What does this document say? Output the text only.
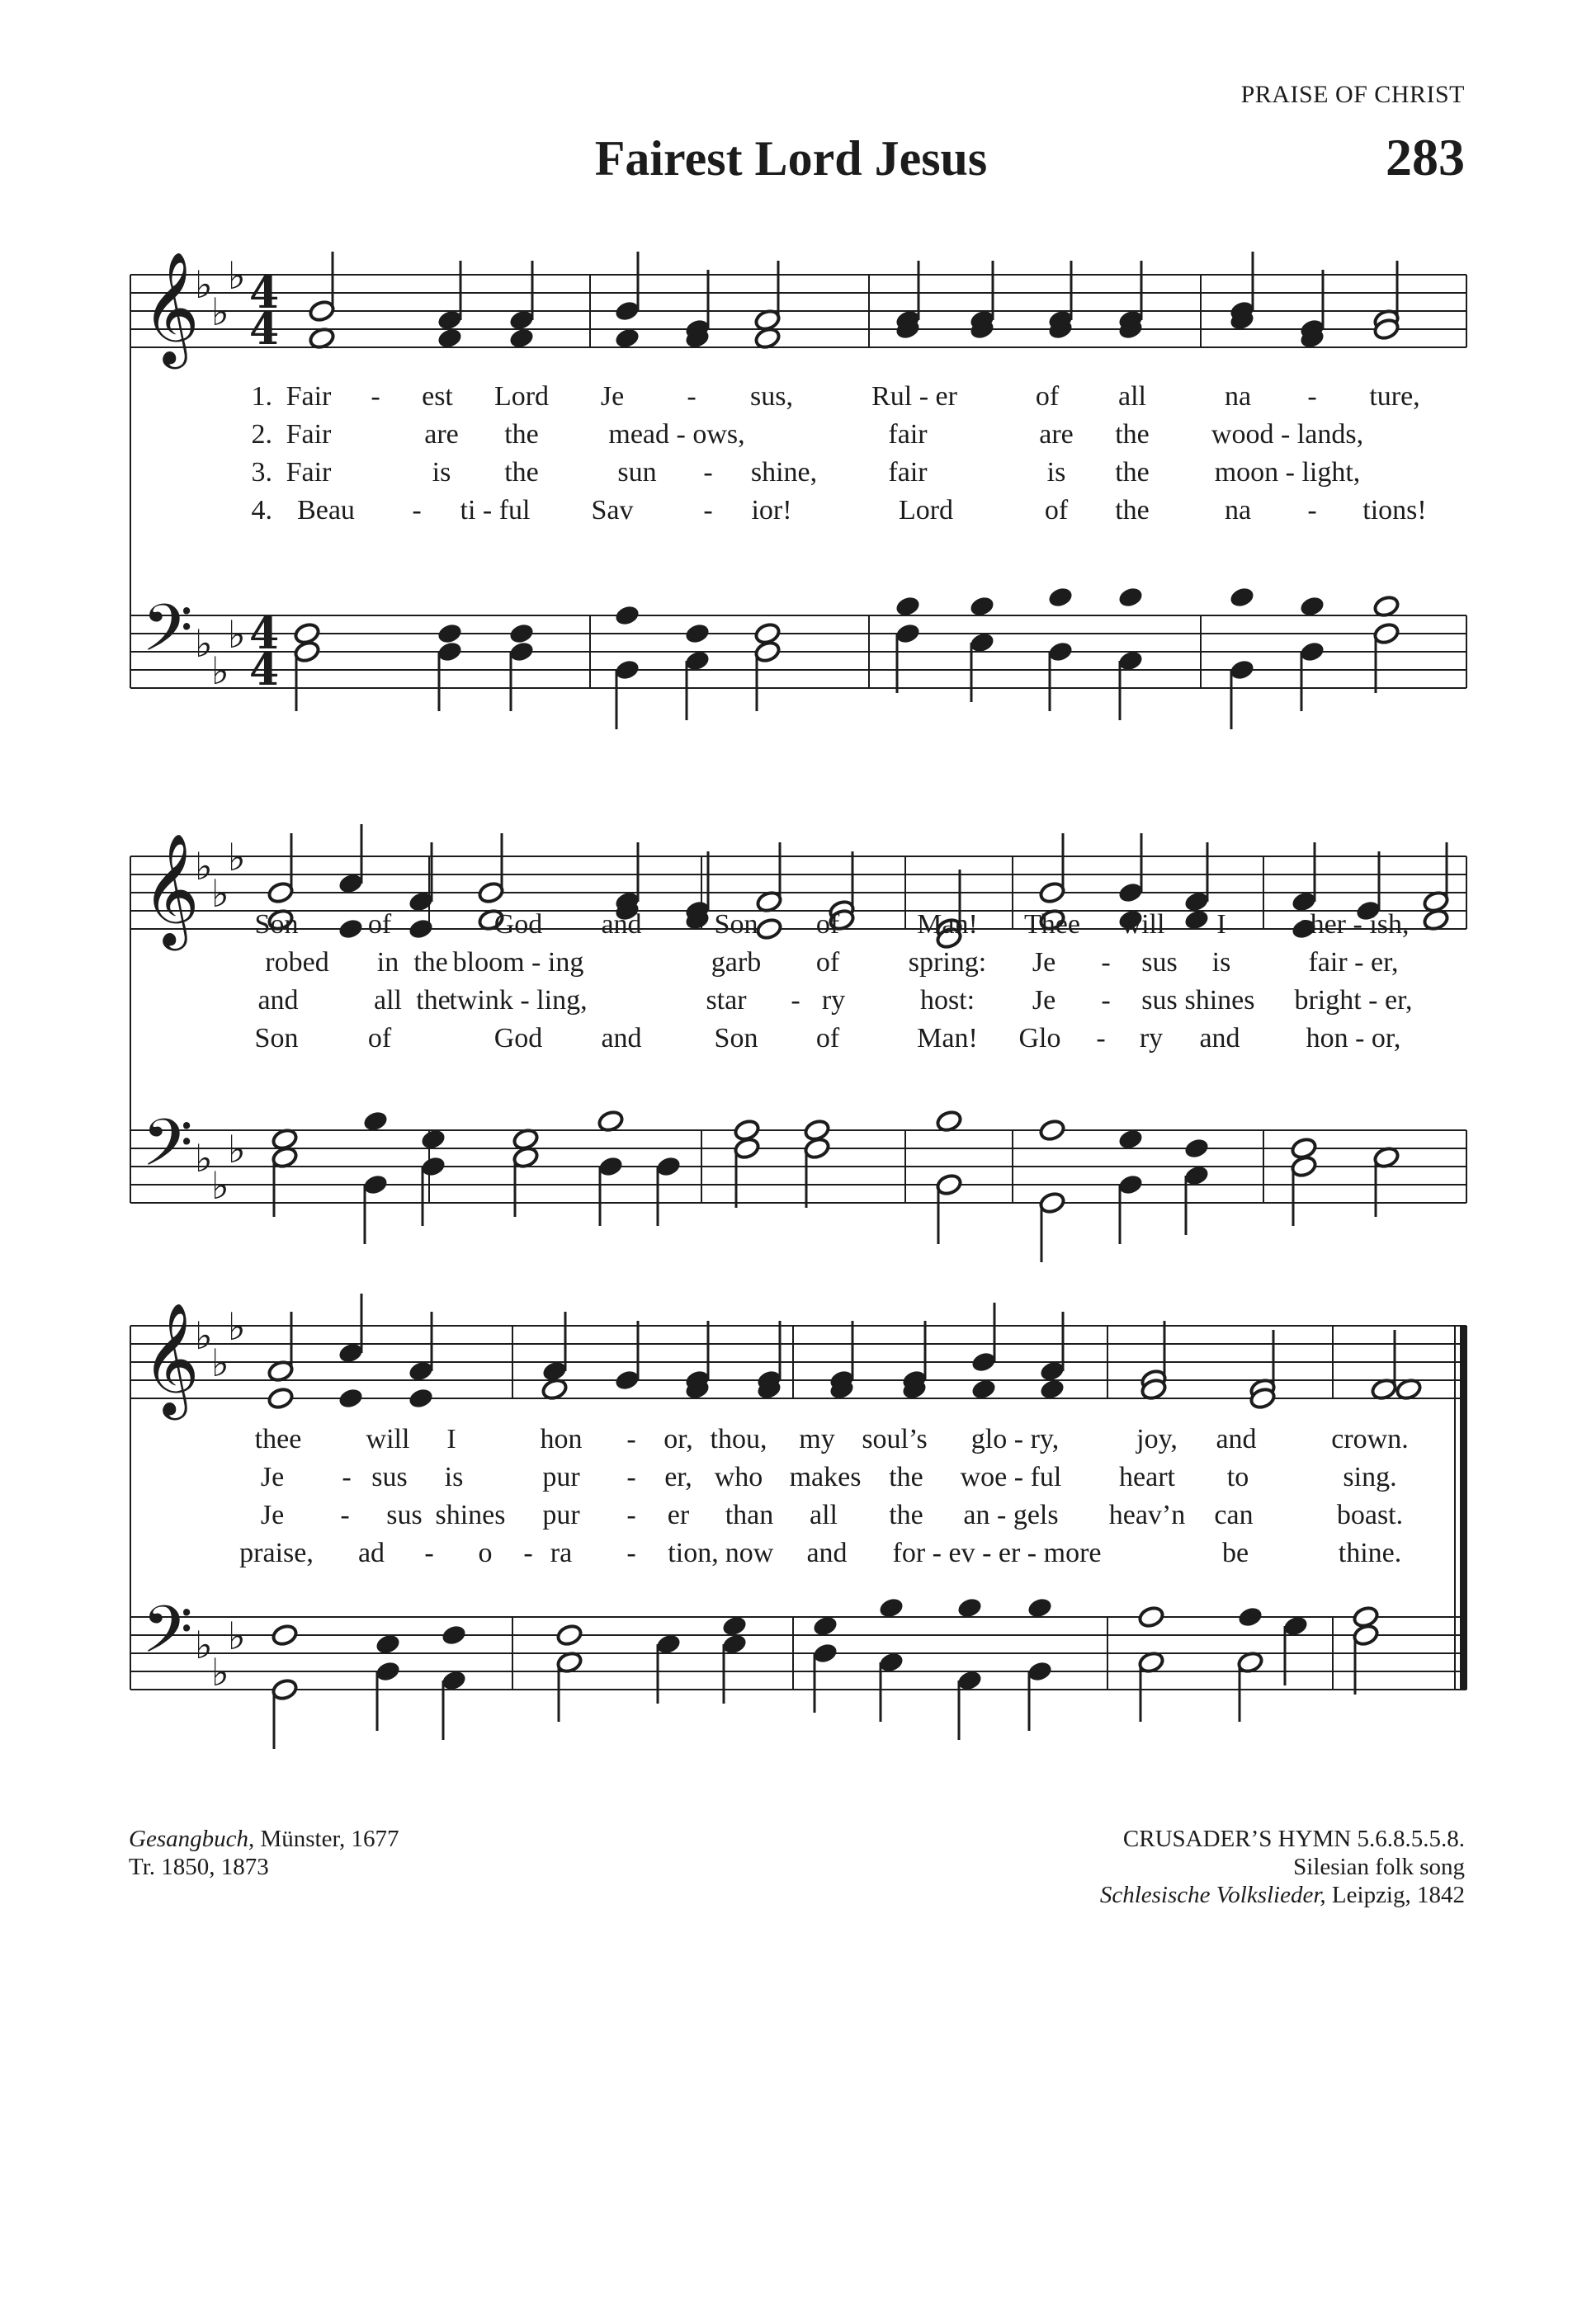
PRAISE OF CHRIST
Fairest Lord Jesus	283
𝄞
𝄢
♭
♭
♭
♭
♭
♭
4
4
4
4
𝄞
𝄢
♭
♭
♭
♭
♭
♭
𝄞
𝄢
♭
♭
♭
♭
♭
♭
1. Fair - est Lord Je - sus,	Rul - er	of all	na - ture,
2. Fair	are the mead - ows,	fair	are the wood - lands,
3. Fair	is the	sun - shine,	fair	is the moon - light,
4. Beau - ti - ful Sav - ior!	Lord	of the	na - tions!
Son of	God and	Son of	Man! Thee will I	cher - ish,
robed in the bloom - ing	garb of spring: Je - sus is	fair - er,
and	all the
twink - ling,	star - ry	host: Je - sus shines bright - er,
Son of	God and	Son of	Man! Glo - ry and hon - or,
thee will I	hon - or, thou, my soul’s glo - ry,	joy, and	crown.
Je - sus is	pur - er, who makes the woe - ful heart to	sing.
Je - sus shines pur - er than all the an - gels heav’n can	boast.
praise, ad - o - ra - tion, now and for - ev - er - more	be	thine.
Gesangbuch, Münster, 1677
Tr. 1850, 1873
CRUSADER’S HYMN 5.6.8.5.5.8.
Silesian folk song
Schlesische Volkslieder, Leipzig, 1842
